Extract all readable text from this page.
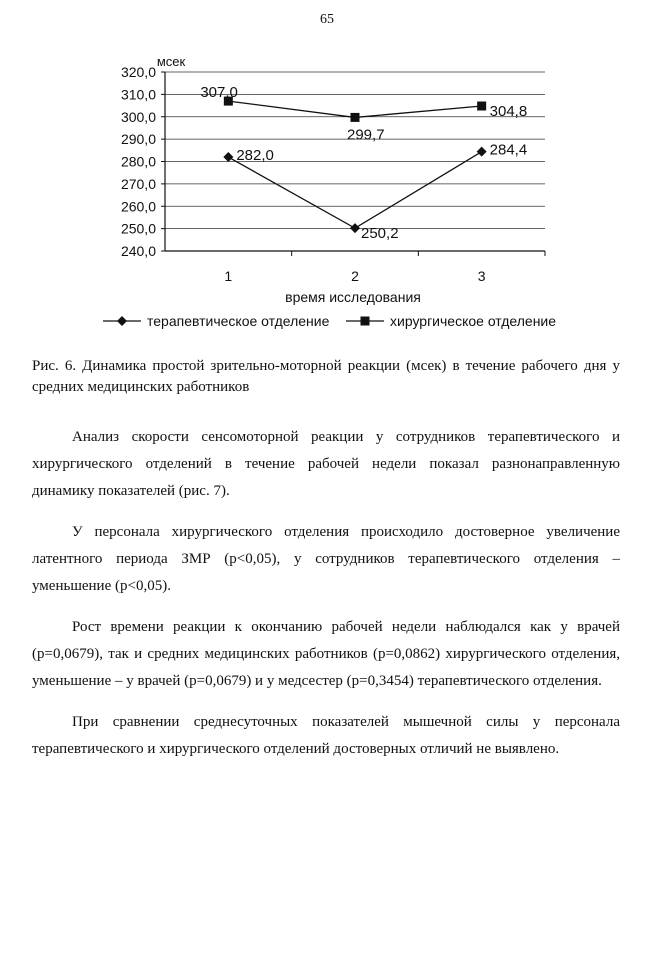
65
240,0
250,0
260,0
270,0
280,0
290,0
300,0
310,0
320,0
1	2	3
мсек
время исследования
282,0
250,2
284,4
307,0
299,7
304,8
терапевтическое отделение	хирургическое отделение
Рис. 6. Динамика простой зрительно-моторной реакции (мсек) в течение рабочего дня у средних медицинских работников

Анализ скорости сенсомоторной реакции у сотрудников терапевтического и хирургического отделений в течение рабочей недели показал разнонаправленную динамику показателей (рис. 7).

У персонала хирургического отделения происходило достоверное увеличение латентного периода ЗМР (p<0,05), у сотрудников терапевтического отделения – уменьшение (p<0,05).

Рост времени реакции к окончанию рабочей недели наблюдался как у врачей (p=0,0679), так и средних медицинских работников (p=0,0862) хирургического отделения, уменьшение – у врачей (p=0,0679) и у медсестер (p=0,3454) терапевтического отделения.

При сравнении среднесуточных показателей мышечной силы у персонала терапевтического и хирургического отделений достоверных отличий не выявлено.
